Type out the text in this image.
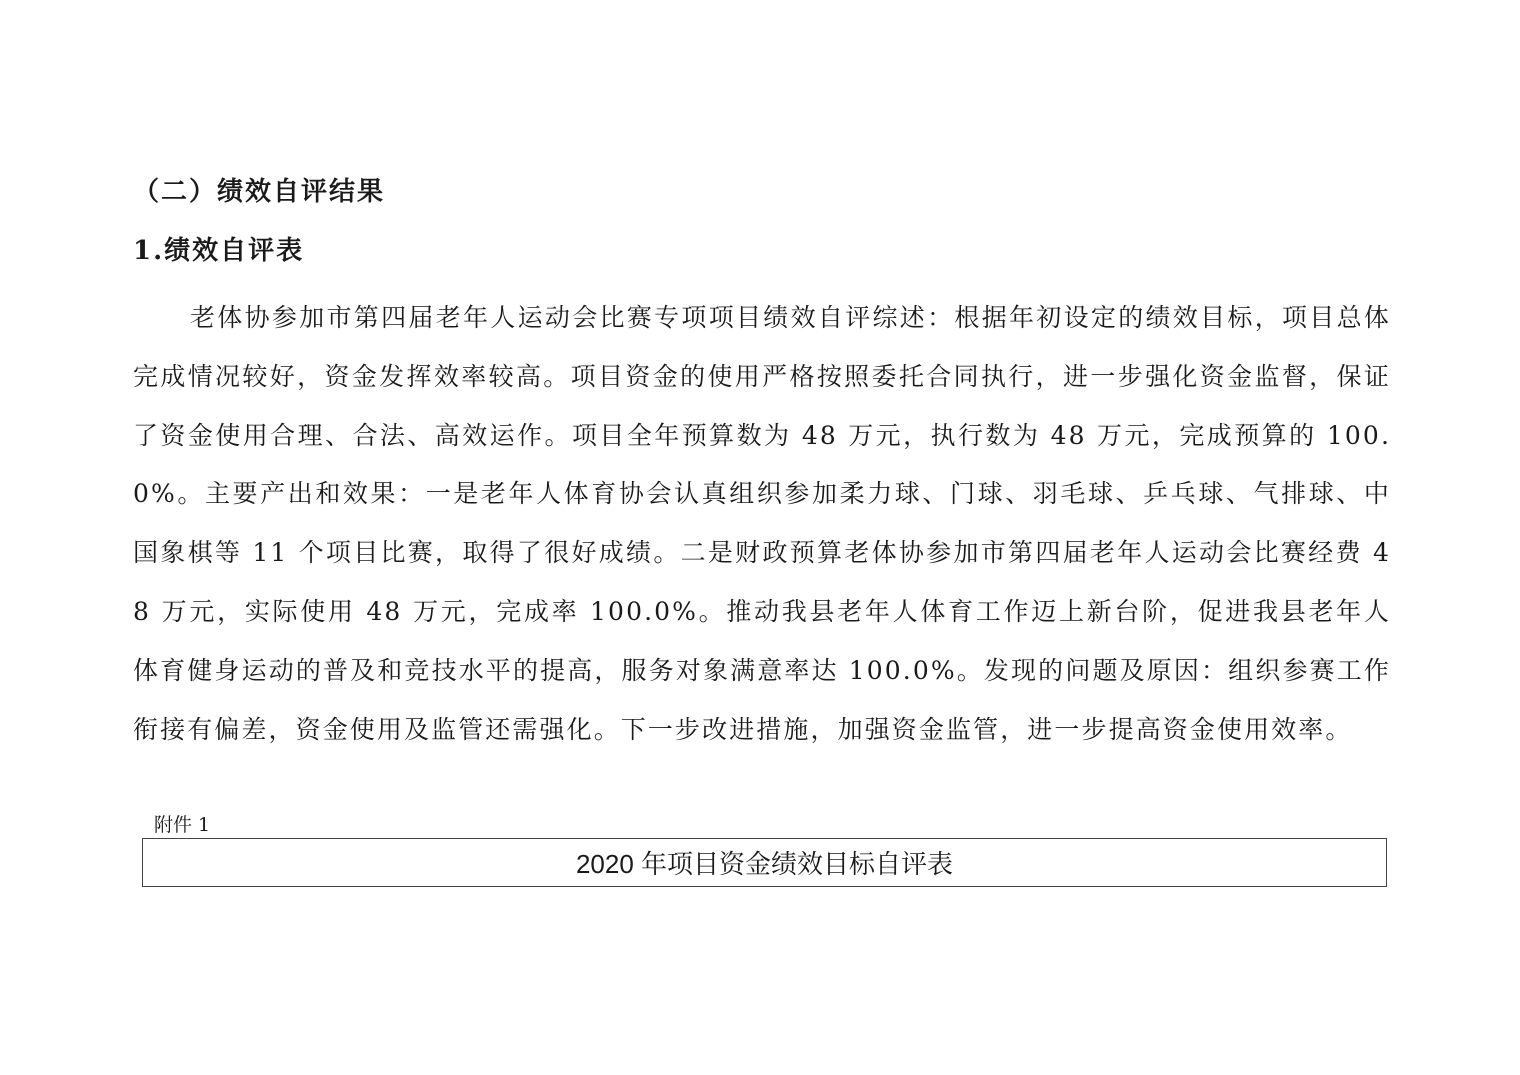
（二）绩效自评结果
1.绩效自评表
老体协参加市第四届老年人运动会比赛专项项目绩效自评综述：根据年初设定的绩效目标，项目总体完成情况较好，资金发挥效率较高。项目资金的使用严格按照委托合同执行，进一步强化资金监督，保证了资金使用合理、合法、高效运作。项目全年预算数为 48 万元，执行数为 48 万元，完成预算的 100.0%。主要产出和效果：一是老年人体育协会认真组织参加柔力球、门球、羽毛球、乒乓球、气排球、中国象棋等 11 个项目比赛，取得了很好成绩。二是财政预算老体协参加市第四届老年人运动会比赛经费 48 万元，实际使用 48 万元，完成率 100.0%。推动我县老年人体育工作迈上新台阶，促进我县老年人体育健身运动的普及和竞技水平的提高，服务对象满意率达 100.0%。发现的问题及原因：组织参赛工作衔接有偏差，资金使用及监管还需强化。下一步改进措施，加强资金监管，进一步提高资金使用效率。
附件 1
2020 年项目资金绩效目标自评表
